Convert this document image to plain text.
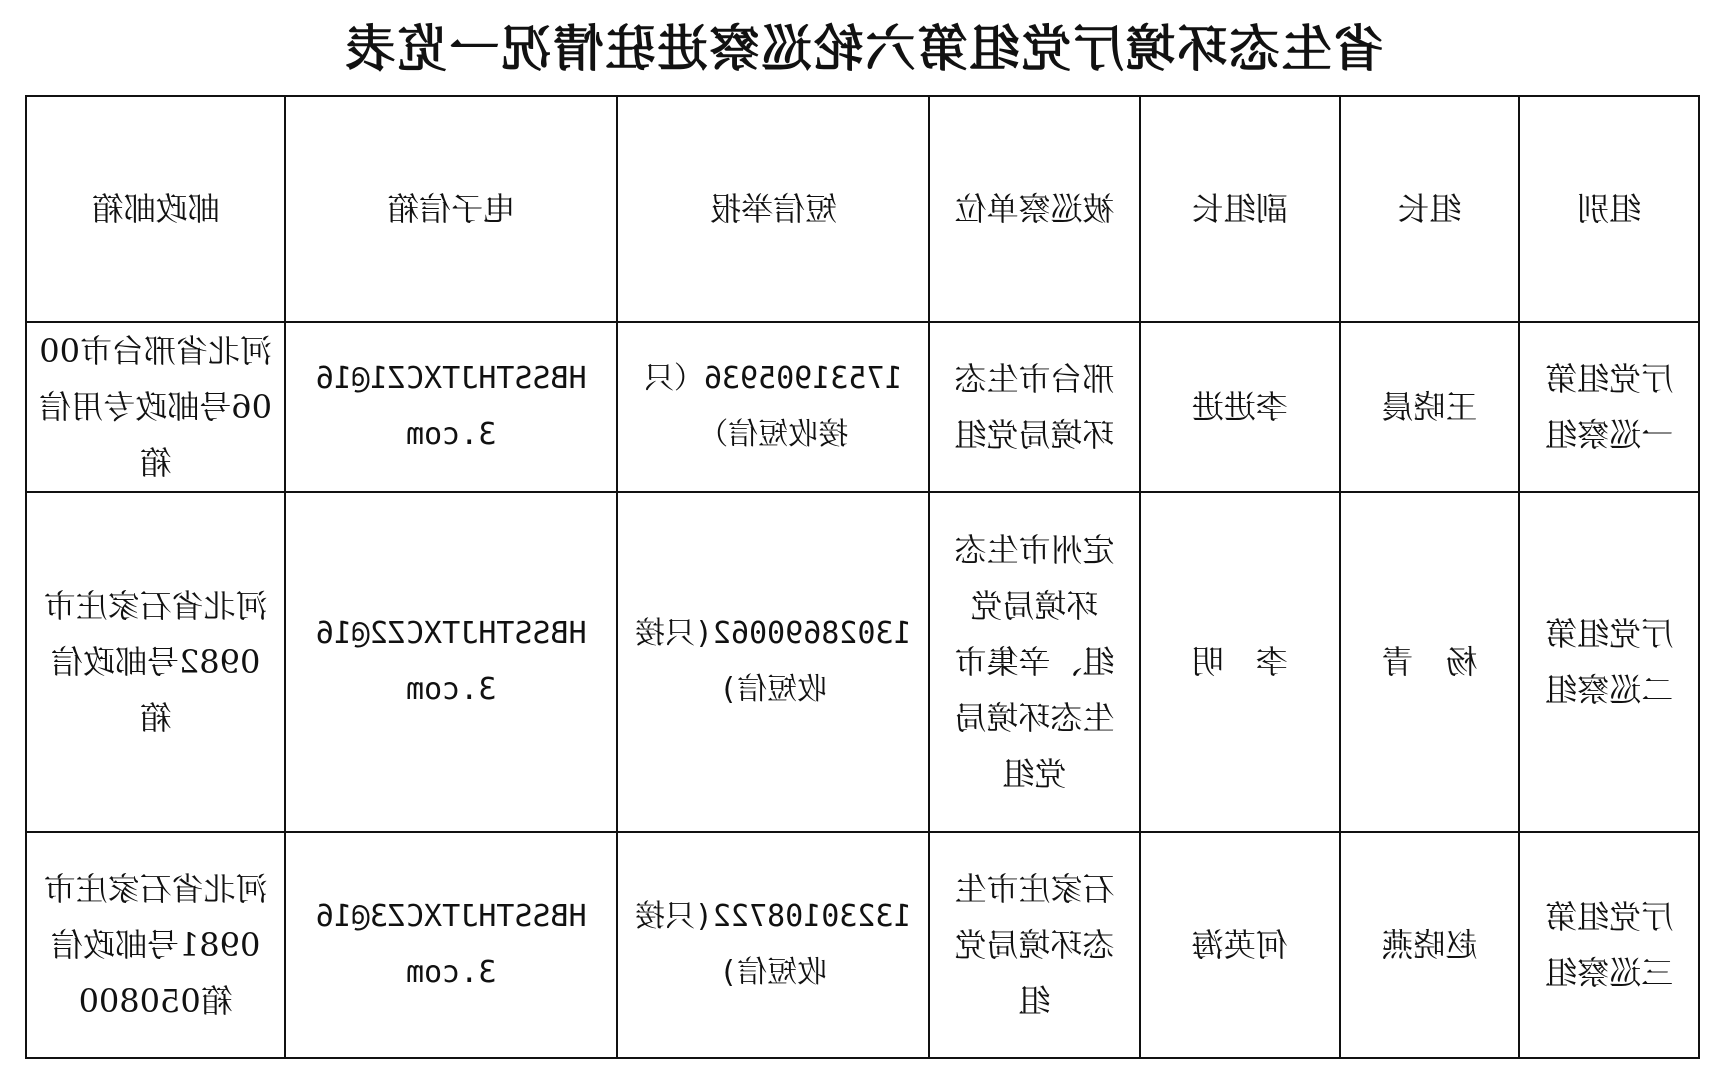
省生态环境厅党组第六轮巡察进驻情况一览表
组别	组长	副组长	被巡察单位	短信举报	电子信箱	邮政邮箱
厅党组第一巡察组	王晓晨	李进进	邢台市生态环境局党组	17531905936（只接收短信）	HBSSTHJTXCZ1@163.com	河北省邢台市0006号邮政专用信箱
厅党组第二巡察组	杨　青	李　明	定州市生态环境局党组、辛集市生态环境局党组	13028690062(只接收短信)	HBSSTHJTXCZ2@163.com	河北省石家庄市0982号邮政信箱
厅党组第三巡察组	赵晓燕	何英海	石家庄市生态环境局党组	13230108722(只接收短信)	HBSSTHJTXCZ3@163.com	河北省石家庄市0981号邮政信箱050800
